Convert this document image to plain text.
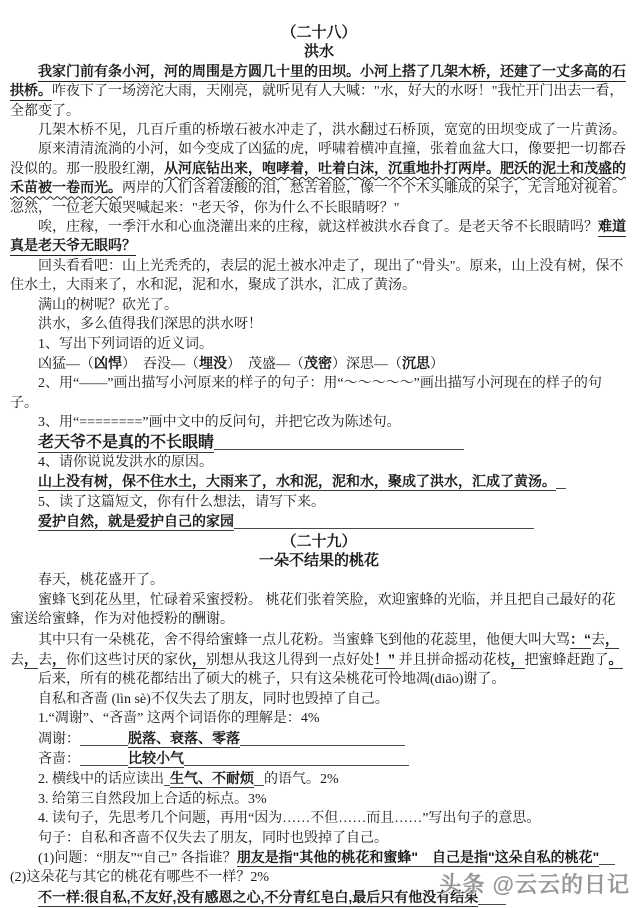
（二十八）
洪水
我家门前有条小河，河的周围是方圆几十里的田坝。小河上搭了几架木桥，还建了一丈多高的石拱桥。咋夜下了一场滂沱大雨，天刚亮，就听见有人大喊："水，好大的水呀！"我忙开门出去一看，全都变了。
几架木桥不见，几百斤重的桥墩石被水冲走了，洪水翻过石桥顶，宽宽的田坝变成了一片黄汤。
原来清清流淌的小河，如今变成了凶猛的虎，呼啸着横冲直撞，张着血盆大口，像要把一切都吞没似的。那一股股红潮，从河底钻出来，咆哮着，吐着白沫，沉重地扑打两岸。肥沃的泥土和茂盛的禾苗被一卷而光。两岸的人们含着凄酸的泪，愁苦着脸，像一个个木头雕成的呆子，无言地对视着。忽然，一位老大娘哭喊起来："老天爷，你为什么不长眼睛呀？"
唉，庄稼，一季汗水和心血浇灌出来的庄稼，就这样被洪水吞食了。是老天爷不长眼睛吗？难道真是老天爷无眼吗？
回头看看吧：山上光秃秃的，表层的泥土被水冲走了，现出了"骨头"。原来，山上没有树，保不住水土，大雨来了，水和泥，泥和水，聚成了洪水，汇成了黄汤。
满山的树呢？砍光了。
洪水，多么值得我们深思的洪水呀！
1、写出下列词语的近义词。
凶猛—（凶悍）　吞没—（埋没）　茂盛—（茂密）深思—（沉思）
2、用“——”画出描写小河原来的样子的句子：用“～～～～～”画出描写小河现在的样子的句子。
3、用“========”画中文中的反问句，并把它改为陈述句。
老天爷不是真的不长眼睛
4、请你说说发洪水的原因。
山上没有树，保不住水土，大雨来了，水和泥，泥和水，聚成了洪水，汇成了黄汤。
5、读了这篇短文，你有什么想法，请写下来。
爱护自然，就是爱护自己的家园
（二十九）
一朵不结果的桃花
春天，桃花盛开了。
蜜蜂飞到花丛里，忙碌着采蜜授粉。 桃花们张着笑脸，欢迎蜜蜂的光临，并且把自己最好的花蜜送给蜜蜂，作为对他授粉的酬谢。
其中只有一朵桃花，舍不得给蜜蜂一点儿花粉。当蜜蜂飞到他的花蕊里，他便大叫大骂：“去， 去，去，你们这些讨厌的家伙，别想从我这儿得到一点好处！” 并且拼命摇动花枝，把蜜蜂赶跑了。
后来，所有的桃花都结出了硕大的桃子，只有这朵桃花可怜地凋(diāo)谢了。
自私和吝啬 (lìn sè)不仅失去了朋友，同时也毁掉了自己。
1.“凋谢”、“吝啬” 这两个词语你的理解是：4%
凋谢：	脱落、衰落、零落
吝啬：	比较小气
2. 横线中的话应读出 生气、不耐烦 的语气。2%
3. 给第三自然段加上合适的标点。3%
4. 读句子，先思考几个问题，再用“因为……不但……而且……”写出句子的意思。
句子：自私和吝啬不仅失去了朋友，同时也毁掉了自己。
(1)问题：“朋友”“自己” 各指谁？朋友是指"其他的桃花和蜜蜂"　自己是指"这朵自私的桃花"
(2)这朵花与其它的桃花有哪些不一样？2%
不一样:很自私,不友好,没有感恩之心,不分青红皂白,最后只有他没有结果
头条 @云云的日记
